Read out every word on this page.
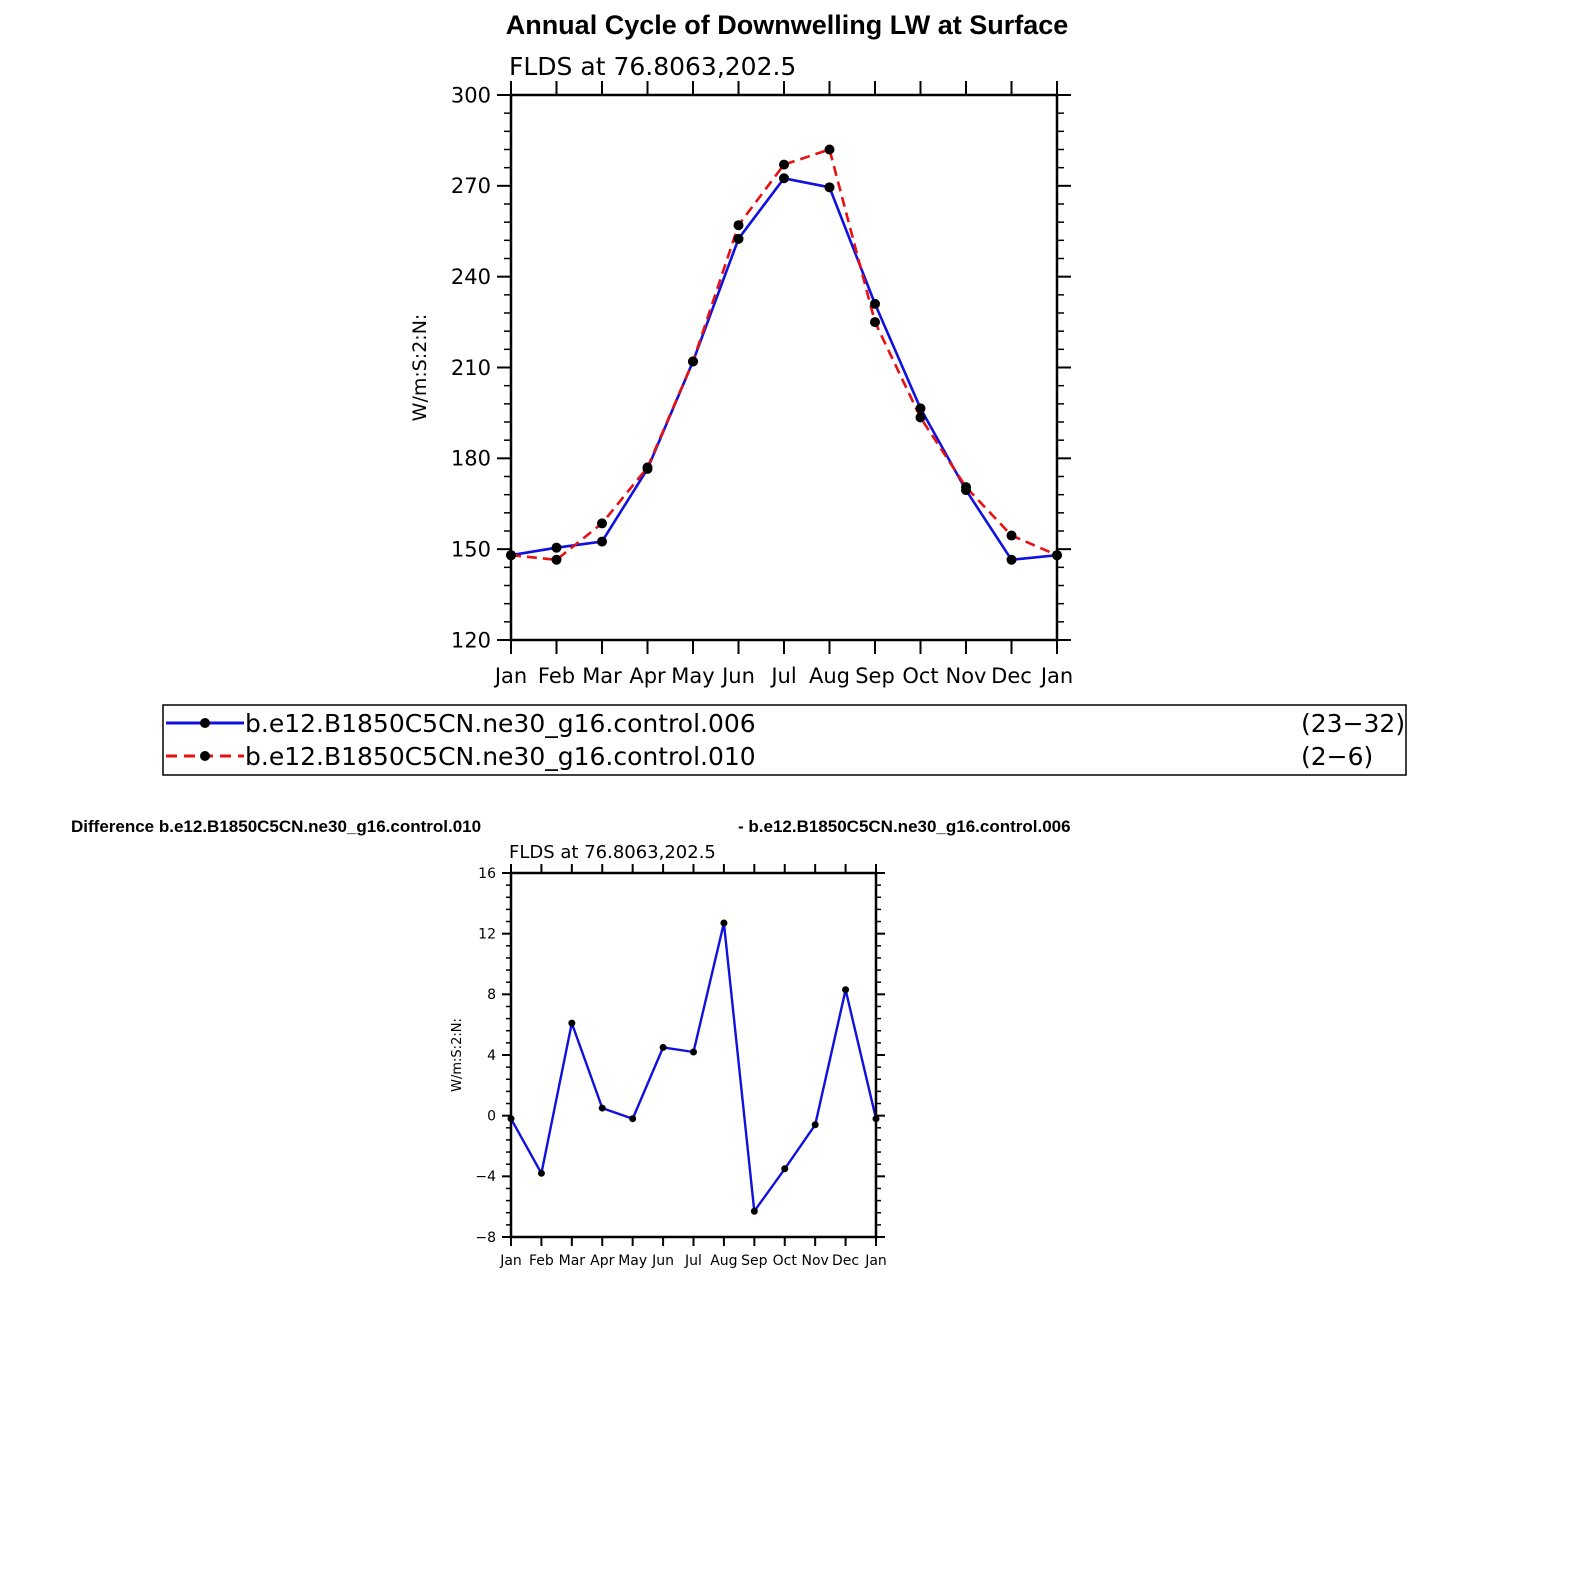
Annual Cycle of Downwelling LW at Surface
Jan Feb Mar Apr May Jun Jul Aug Sep Oct Nov Dec Jan
120
150
180
210
240
270
300
FLDS at 76.8063,202.5
W/m:S:2:N:
b.e12.B1850C5CN.ne30_g16.control.006	(23−32)
b.e12.B1850C5CN.ne30_g16.control.010	(2−6)
Difference b.e12.B1850C5CN.ne30_g16.control.010	- b.e12.B1850C5CN.ne30_g16.control.006
Jan Feb Mar Apr May Jun Jul Aug Sep Oct Nov Dec Jan
−8
−4
0
4
8
12
16
FLDS at 76.8063,202.5
W/m:S:2:N:
